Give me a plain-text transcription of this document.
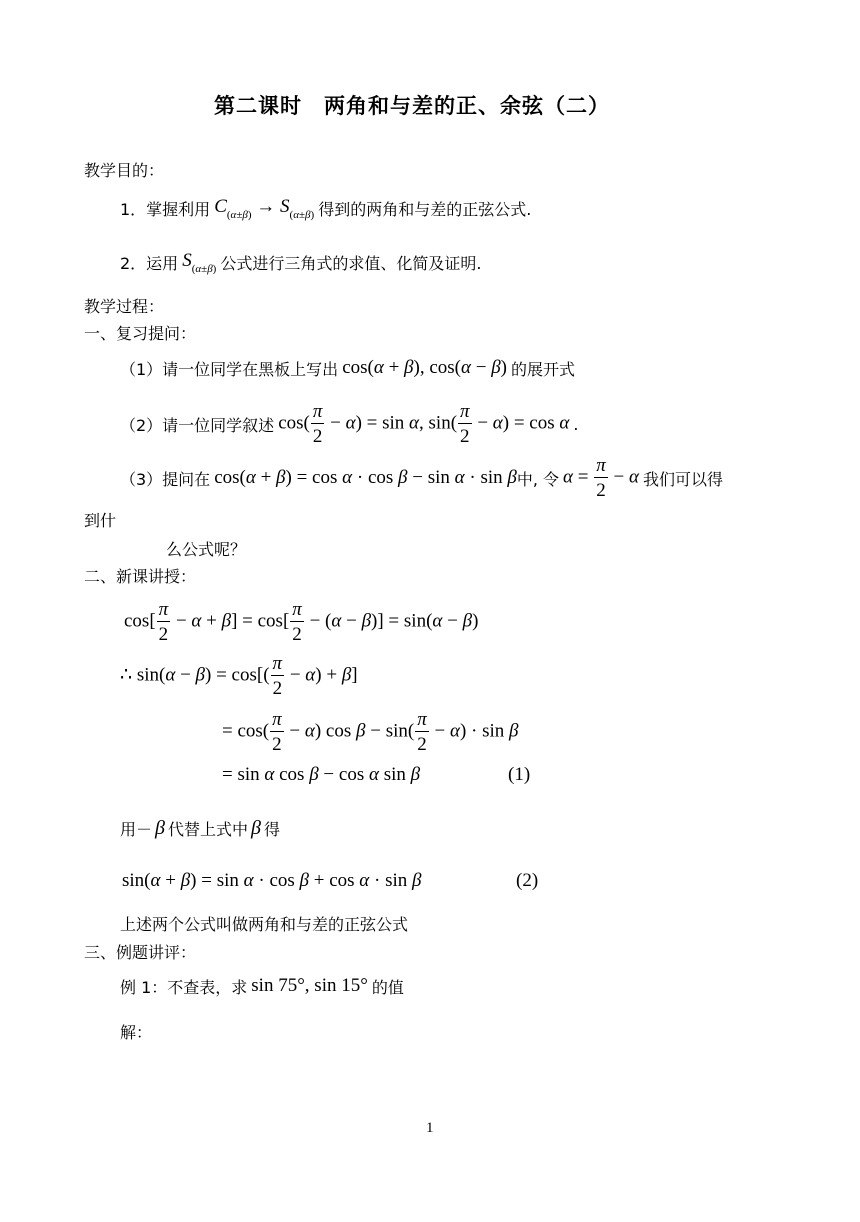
第二课时　两角和与差的正、余弦（二）
教学目的：
1．掌握利用 $C_{(\alpha\pm\beta)} \to S_{(\alpha\pm\beta)}$ 得到的两角和与差的正弦公式.
2．运用 $S_{(\alpha\pm\beta)}$ 公式进行三角式的求值、化简及证明.
教学过程：
一、复习提问：
（1）请一位同学在黑板上写出 cos(α + β), cos(α − β) 的展开式
（2）请一位同学叙述 $\cos( \frac{\pi}{2} - \alpha) = \sin \alpha$, $\sin( \frac{\pi}{2} - \alpha) = \cos \alpha$ .
（3）提问在 cos(α + β) = cos α · cos β − sin α · sin β 中, 令 $\alpha = \frac{\pi}{2} - \alpha$ 我们可以得
到什
么公式呢？
二、新课讲授：
$\cos[ \frac{\pi}{2} - \alpha + \beta] = \cos[ \frac{\pi}{2} - (\alpha - \beta)] = \sin(\alpha - \beta)$
∴ $\sin(\alpha - \beta) = \cos[( \frac{\pi}{2} - \alpha) + \beta]$
= $\cos( \frac{\pi}{2} - \alpha)$ $\cos \beta - \sin( \frac{\pi}{2} - \alpha) \cdot \sin \beta$
= sin α cos β − cos α sin β	(1)
用－ β 代替上式中 β 得
sin(α + β) = sin α · cos β + cos α · sin β	(2)
上述两个公式叫做两角和与差的正弦公式
三、例题讲评：
例 1：不查表，求 sin 75°, sin 15° 的值
解：
1
